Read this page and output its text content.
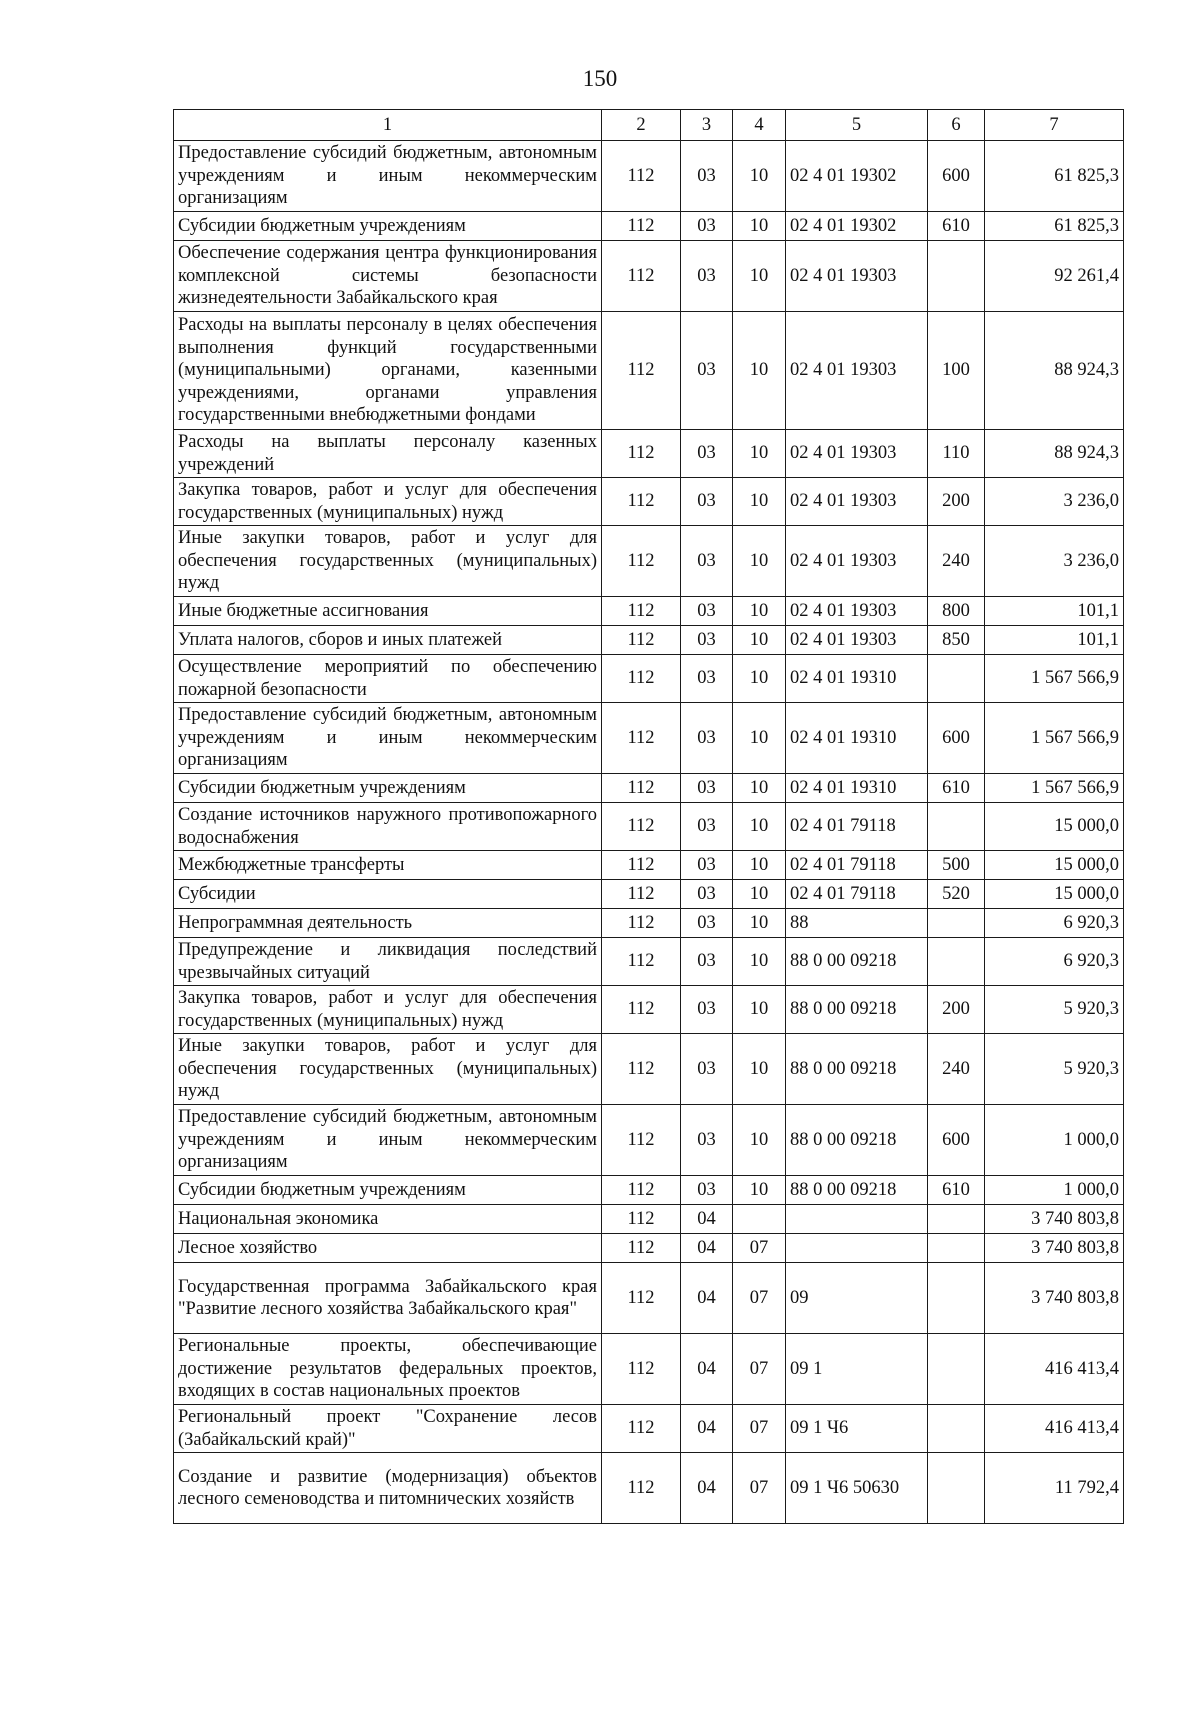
150
1	2	3	4	5	6	7
Предоставление субсидий бюджетным, автономным учреждениям и иным некоммерческим организациям	112	03	10	02 4 01 19302	600	61 825,3
Субсидии бюджетным учреждениям	112	03	10	02 4 01 19302	610	61 825,3
Обеспечение содержания центра функционирования комплексной системы безопасности жизнедеятельности Забайкальского края	112	03	10	02 4 01 19303		92 261,4
Расходы на выплаты персоналу в целях обеспечения выполнения функций государственными (муниципальными) органами, казенными учреждениями, органами управления государственными внебюджетными фондами	112	03	10	02 4 01 19303	100	88 924,3
Расходы на выплаты персоналу казенных учреждений	112	03	10	02 4 01 19303	110	88 924,3
Закупка товаров, работ и услуг для обеспечения государственных (муниципальных) нужд	112	03	10	02 4 01 19303	200	3 236,0
Иные закупки товаров, работ и услуг для обеспечения государственных (муниципальных) нужд	112	03	10	02 4 01 19303	240	3 236,0
Иные бюджетные ассигнования	112	03	10	02 4 01 19303	800	101,1
Уплата налогов, сборов и иных платежей	112	03	10	02 4 01 19303	850	101,1
Осуществление мероприятий по обеспечению пожарной безопасности	112	03	10	02 4 01 19310		1 567 566,9
Предоставление субсидий бюджетным, автономным учреждениям и иным некоммерческим организациям	112	03	10	02 4 01 19310	600	1 567 566,9
Субсидии бюджетным учреждениям	112	03	10	02 4 01 19310	610	1 567 566,9
Создание источников наружного противопожарного водоснабжения	112	03	10	02 4 01 79118		15 000,0
Межбюджетные трансферты	112	03	10	02 4 01 79118	500	15 000,0
Субсидии	112	03	10	02 4 01 79118	520	15 000,0
Непрограммная деятельность	112	03	10	88		6 920,3
Предупреждение и ликвидация последствий чрезвычайных ситуаций	112	03	10	88 0 00 09218		6 920,3
Закупка товаров, работ и услуг для обеспечения государственных (муниципальных) нужд	112	03	10	88 0 00 09218	200	5 920,3
Иные закупки товаров, работ и услуг для обеспечения государственных (муниципальных) нужд	112	03	10	88 0 00 09218	240	5 920,3
Предоставление субсидий бюджетным, автономным учреждениям и иным некоммерческим организациям	112	03	10	88 0 00 09218	600	1 000,0
Субсидии бюджетным учреждениям	112	03	10	88 0 00 09218	610	1 000,0
Национальная экономика	112	04				3 740 803,8
Лесное хозяйство	112	04	07			3 740 803,8
Государственная программа Забайкальского края "Развитие лесного хозяйства Забайкальского края"	112	04	07	09		3 740 803,8
Региональные проекты, обеспечивающие достижение результатов федеральных проектов, входящих в состав национальных проектов	112	04	07	09 1		416 413,4
Региональный проект "Сохранение лесов (Забайкальский край)"	112	04	07	09 1 Ч6		416 413,4
Создание и развитие (модернизация) объектов лесного семеноводства и питомнических хозяйств	112	04	07	09 1 Ч6 50630		11 792,4
